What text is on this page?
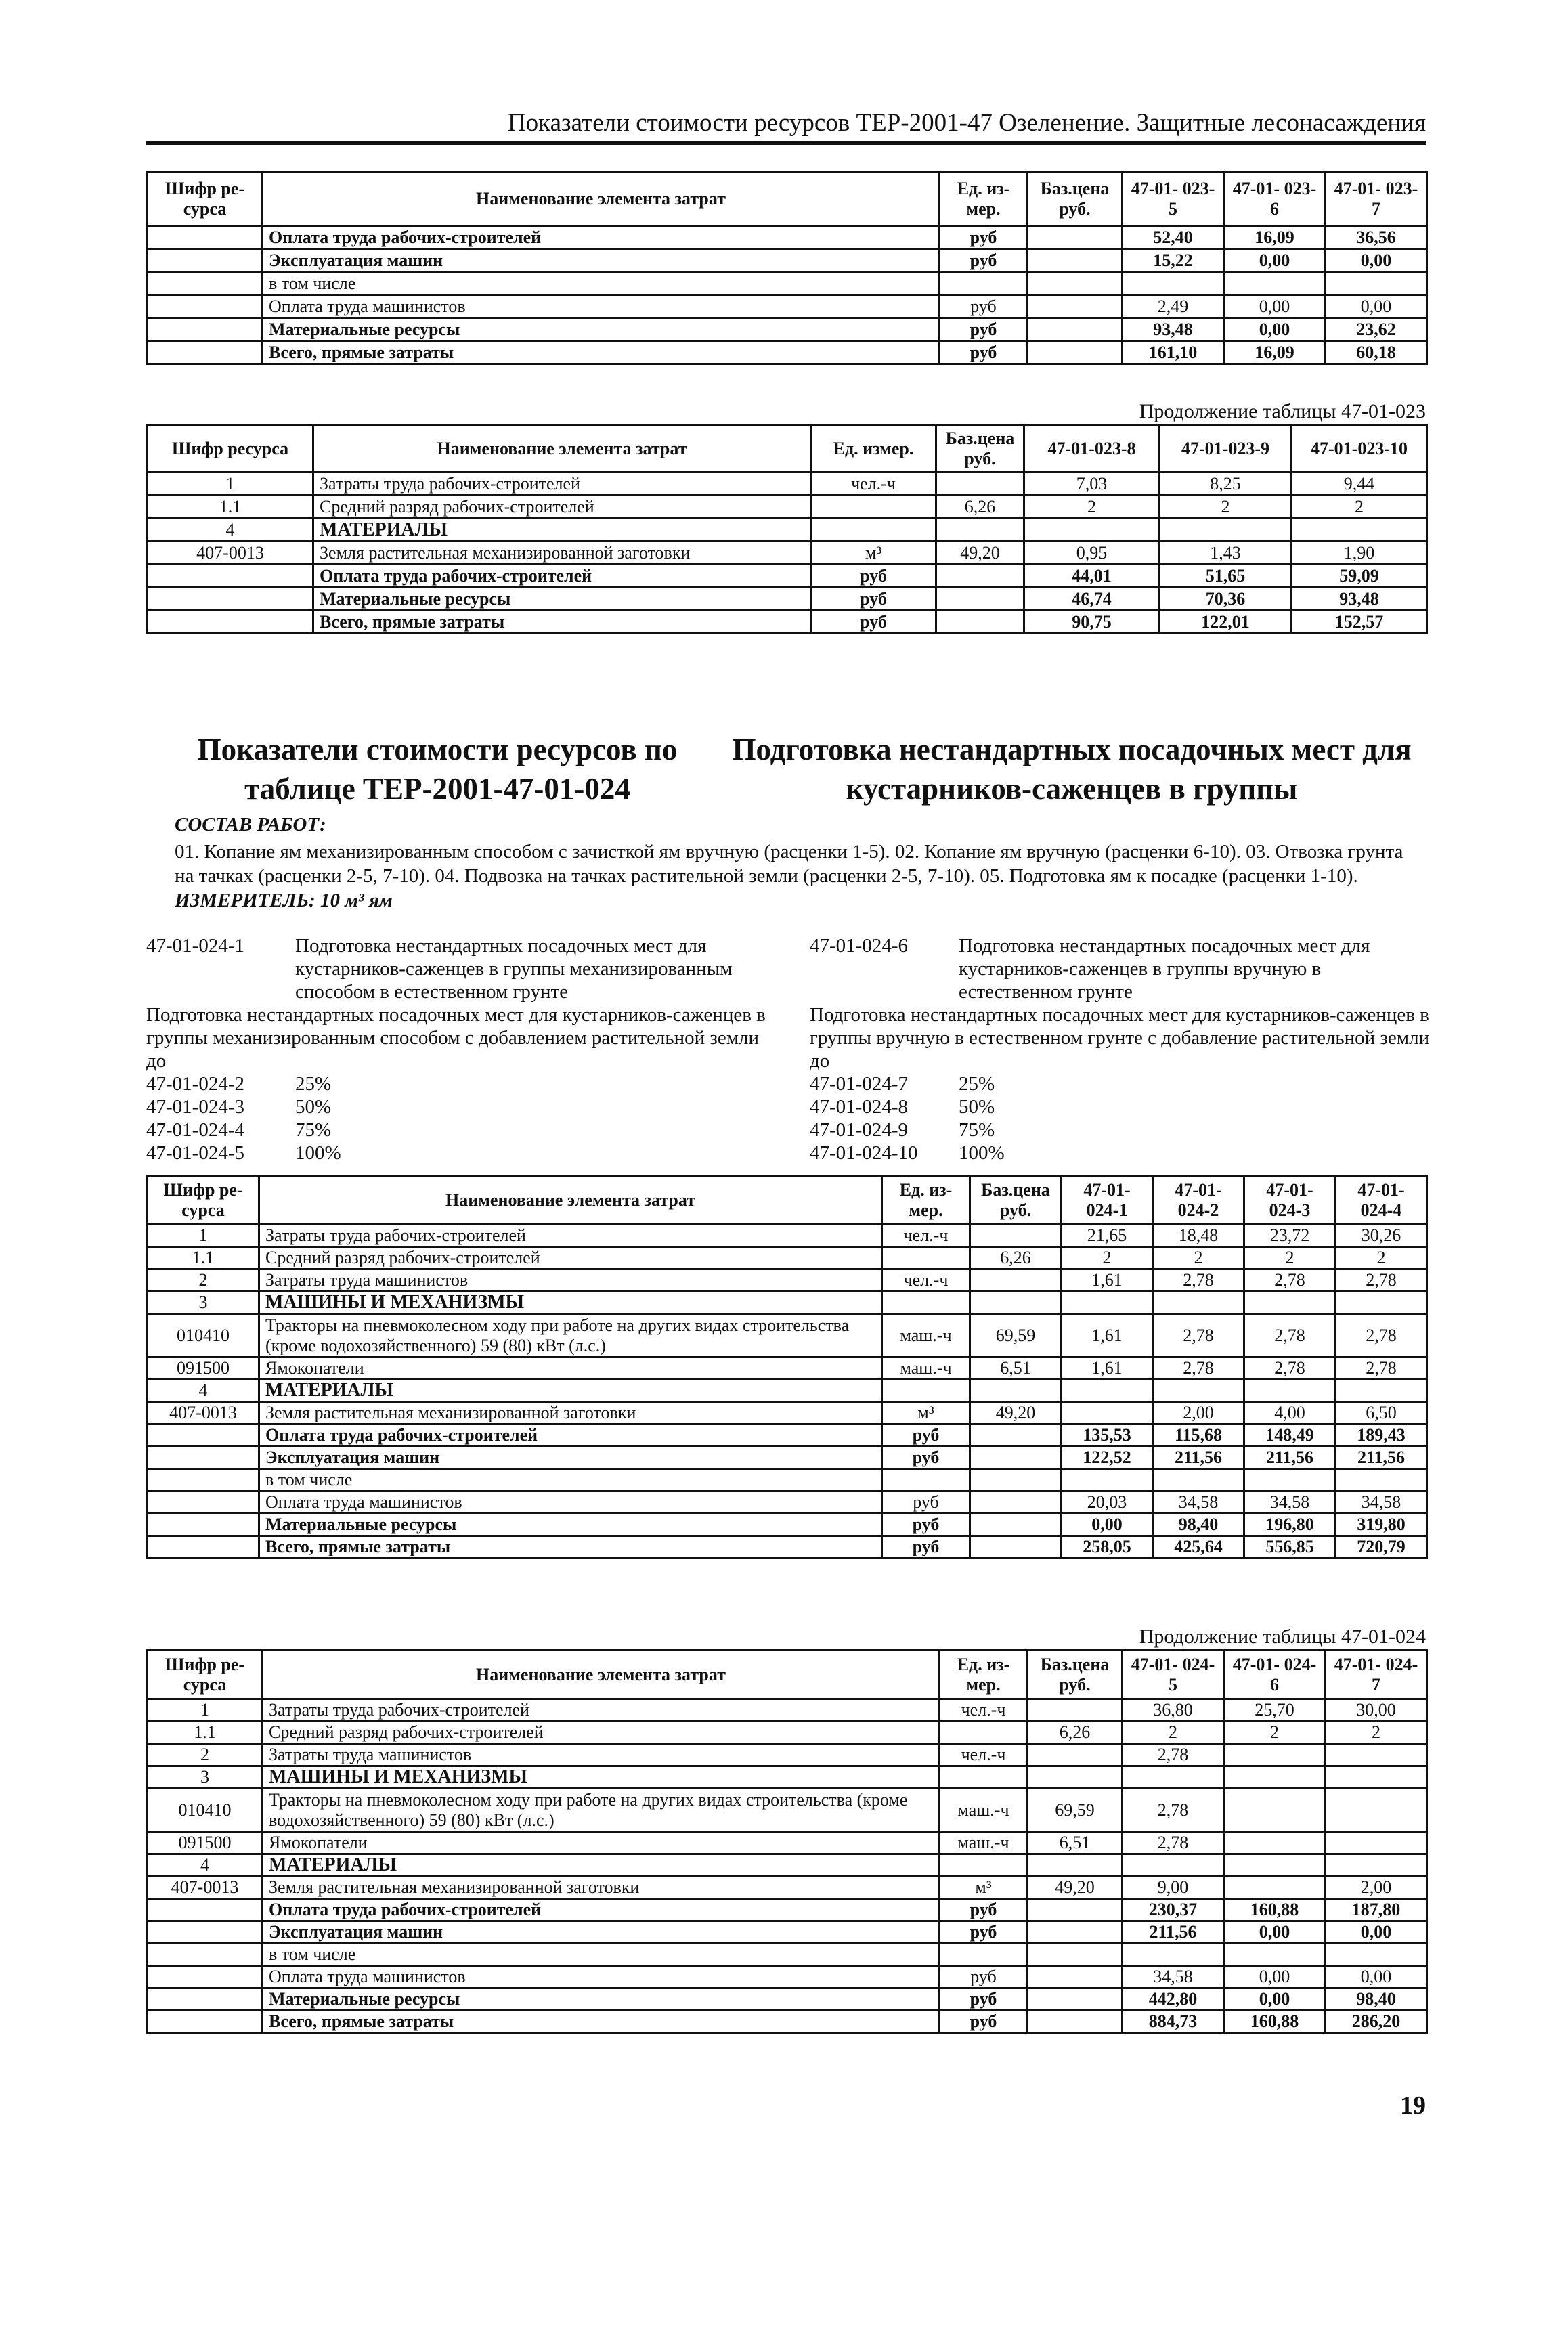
Показатели стоимости ресурсов ТЕР-2001-47 Озеленение. Защитные лесонасаждения
Шифр ре- сурса	Наименование элемента затрат	Ед. из- мер.	Баз.цена руб.	47-01- 023-5	47-01- 023-6	47-01- 023-7
	Оплата труда рабочих-строителей	руб		52,40	16,09	36,56
	Эксплуатация машин	руб		15,22	0,00	0,00
	в том числе					
	Оплата труда машинистов	руб		2,49	0,00	0,00
	Материальные ресурсы	руб		93,48	0,00	23,62
	Всего, прямые затраты	руб		161,10	16,09	60,18
Продолжение таблицы 47-01-023
Шифр ресурса	Наименование элемента затрат	Ед. измер.	Баз.цена руб.	47-01-023-8	47-01-023-9	47-01-023-10
1	Затраты труда рабочих-строителей	чел.-ч		7,03	8,25	9,44
1.1	Средний разряд рабочих-строителей		6,26	2	2	2
4	МАТЕРИАЛЫ					
407-0013	Земля растительная механизированной заготовки	м³	49,20	0,95	1,43	1,90
	Оплата труда рабочих-строителей	руб		44,01	51,65	59,09
	Материальные ресурсы	руб		46,74	70,36	93,48
	Всего, прямые затраты	руб		90,75	122,01	152,57
Показатели стоимости ресурсов по таблице ТЕР-2001-47-01-024
Подготовка нестандартных посадочных мест для кустарников-саженцев в группы
СОСТАВ РАБОТ:

01. Копание ям механизированным способом с зачисткой ям вручную (расценки 1-5). 02. Копание ям вручную (расценки 6-10). 03. Отвозка грунта на тачках (расценки 2-5, 7-10). 04. Подвозка на тачках растительной земли (расценки 2-5, 7-10). 05. Подготовка ям к посадке (расценки 1-10).

ИЗМЕРИТЕЛЬ: 10 м³ ям
47-01-024-1	Подготовка нестандартных посадочных мест для кустарников-саженцев в группы механизированным способом в естественном грунте

Подготовка нестандартных посадочных мест для кустарников-саженцев в группы механизированным способом с добавлением растительной земли до

47-01-024-2	25%
47-01-024-3	50%
47-01-024-4	75%
47-01-024-5	100%
47-01-024-6	Подготовка нестандартных посадочных мест для кустарников-саженцев в группы вручную в естественном грунте

Подготовка нестандартных посадочных мест для кустарников-саженцев в группы вручную в естественном грунте с добавление растительной земли до

47-01-024-7	25%
47-01-024-8	50%
47-01-024-9	75%
47-01-024-10 100%
Шифр ре- сурса	Наименование элемента затрат	Ед. из- мер.	Баз.цена руб.	47-01- 024-1	47-01- 024-2	47-01- 024-3	47-01- 024-4
1	Затраты труда рабочих-строителей	чел.-ч		21,65	18,48	23,72	30,26
1.1	Средний разряд рабочих-строителей		6,26	2	2	2	2
2	Затраты труда машинистов	чел.-ч		1,61	2,78	2,78	2,78
3	МАШИНЫ И МЕХАНИЗМЫ						
010410	Тракторы на пневмоколесном ходу при работе на других видах строительства (кроме водохозяйственного) 59 (80) кВт (л.с.)	маш.-ч	69,59	1,61	2,78	2,78	2,78
091500	Ямокопатели	маш.-ч	6,51	1,61	2,78	2,78	2,78
4	МАТЕРИАЛЫ						
407-0013	Земля растительная механизированной заготовки	м³	49,20		2,00	4,00	6,50
	Оплата труда рабочих-строителей	руб		135,53	115,68	148,49	189,43
	Эксплуатация машин	руб		122,52	211,56	211,56	211,56
	в том числе						
	Оплата труда машинистов	руб		20,03	34,58	34,58	34,58
	Материальные ресурсы	руб		0,00	98,40	196,80	319,80
	Всего, прямые затраты	руб		258,05	425,64	556,85	720,79
Продолжение таблицы 47-01-024
Шифр ре- сурса	Наименование элемента затрат	Ед. из- мер.	Баз.цена руб.	47-01- 024-5	47-01- 024-6	47-01- 024-7
1	Затраты труда рабочих-строителей	чел.-ч		36,80	25,70	30,00
1.1	Средний разряд рабочих-строителей		6,26	2	2	2
2	Затраты труда машинистов	чел.-ч		2,78		
3	МАШИНЫ И МЕХАНИЗМЫ					
010410	Тракторы на пневмоколесном ходу при работе на других видах строительства (кроме водохозяйственного) 59 (80) кВт (л.с.)	маш.-ч	69,59	2,78		
091500	Ямокопатели	маш.-ч	6,51	2,78		
4	МАТЕРИАЛЫ					
407-0013	Земля растительная механизированной заготовки	м³	49,20	9,00		2,00
	Оплата труда рабочих-строителей	руб		230,37	160,88	187,80
	Эксплуатация машин	руб		211,56	0,00	0,00
	в том числе					
	Оплата труда машинистов	руб		34,58	0,00	0,00
	Материальные ресурсы	руб		442,80	0,00	98,40
	Всего, прямые затраты	руб		884,73	160,88	286,20
19
